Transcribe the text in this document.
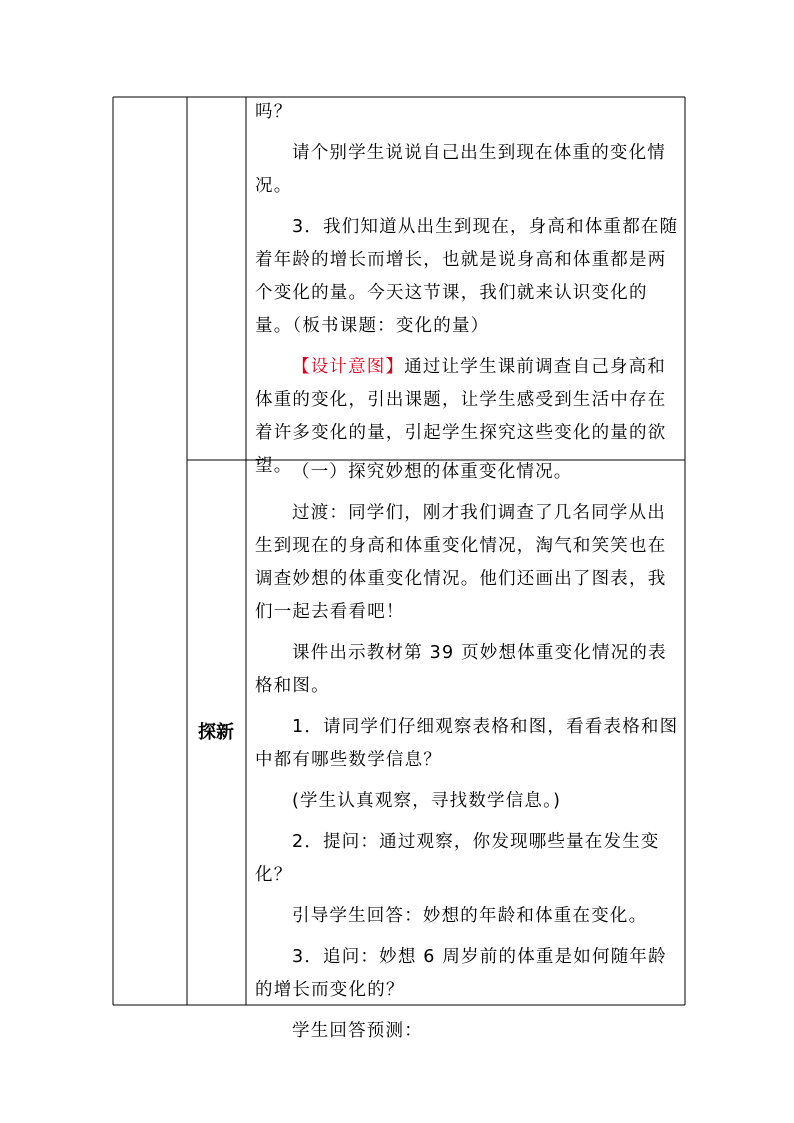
吗？

请个别学生说说自己出生到现在体重的变化情况。

3．我们知道从出生到现在，身高和体重都在随着年龄的增长而增长，也就是说身高和体重都是两个变化的量。今天这节课，我们就来认识变化的量。（板书课题：变化的量）

【设计意图】通过让学生课前调查自己身高和体重的变化，引出课题，让学生感受到生活中存在着许多变化的量，引起学生探究这些变化的量的欲望。

探新

（一）探究妙想的体重变化情况。

过渡：同学们，刚才我们调查了几名同学从出生到现在的身高和体重变化情况，淘气和笑笑也在调查妙想的体重变化情况。他们还画出了图表，我们一起去看看吧！

课件出示教材第 39 页妙想体重变化情况的表格和图。

1．请同学们仔细观察表格和图，看看表格和图中都有哪些数学信息？

(学生认真观察，寻找数学信息。)

2．提问：通过观察，你发现哪些量在发生变化？

引导学生回答：妙想的年龄和体重在变化。

3．追问：妙想 6 周岁前的体重是如何随年龄的增长而变化的？

学生回答预测：
